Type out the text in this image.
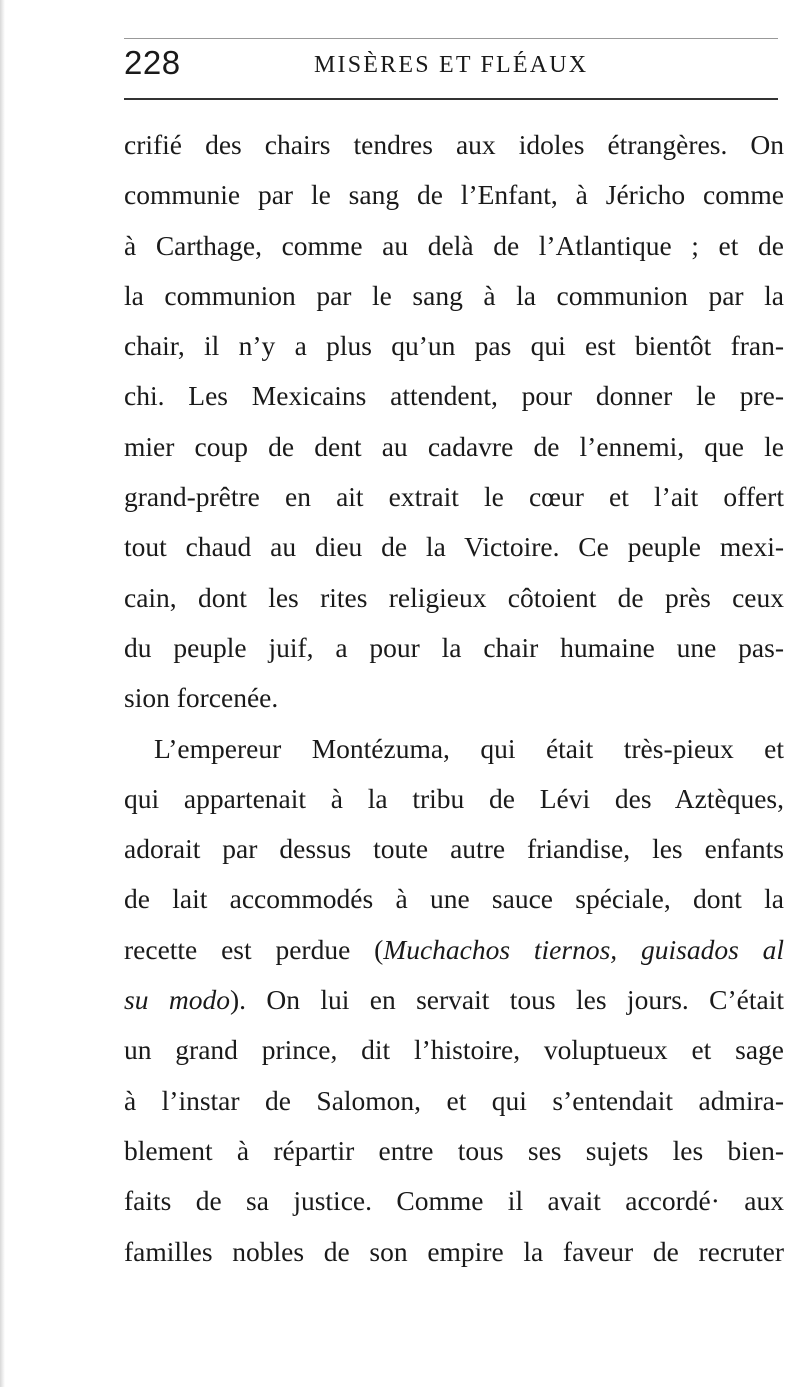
228	MISÈRES ET FLÉAUX
crifié des chairs tendres aux idoles étrangères. On
communie par le sang de l’Enfant, à Jéricho comme
à Carthage, comme au delà de l’Atlantique ; et de
la communion par le sang à la communion par la
chair, il n’y a plus qu’un pas qui est bientôt fran-
chi. Les Mexicains attendent, pour donner le pre-
mier coup de dent au cadavre de l’ennemi, que le
grand-prêtre en ait extrait le cœur et l’ait offert
tout chaud au dieu de la Victoire. Ce peuple mexi-
cain, dont les rites religieux côtoient de près ceux
du peuple juif, a pour la chair humaine une pas-
sion forcenée.
L’empereur Montézuma, qui était très-pieux et
qui appartenait à la tribu de Lévi des Aztèques,
adorait par dessus toute autre friandise, les enfants
de lait accommodés à une sauce spéciale, dont la
recette est perdue (Muchachos tiernos, guisados al
su modo). On lui en servait tous les jours. C’était
un grand prince, dit l’histoire, voluptueux et sage
à l’instar de Salomon, et qui s’entendait admira-
blement à répartir entre tous ses sujets les bien-
faits de sa justice. Comme il avait accordé· aux
familles nobles de son empire la faveur de recruter
